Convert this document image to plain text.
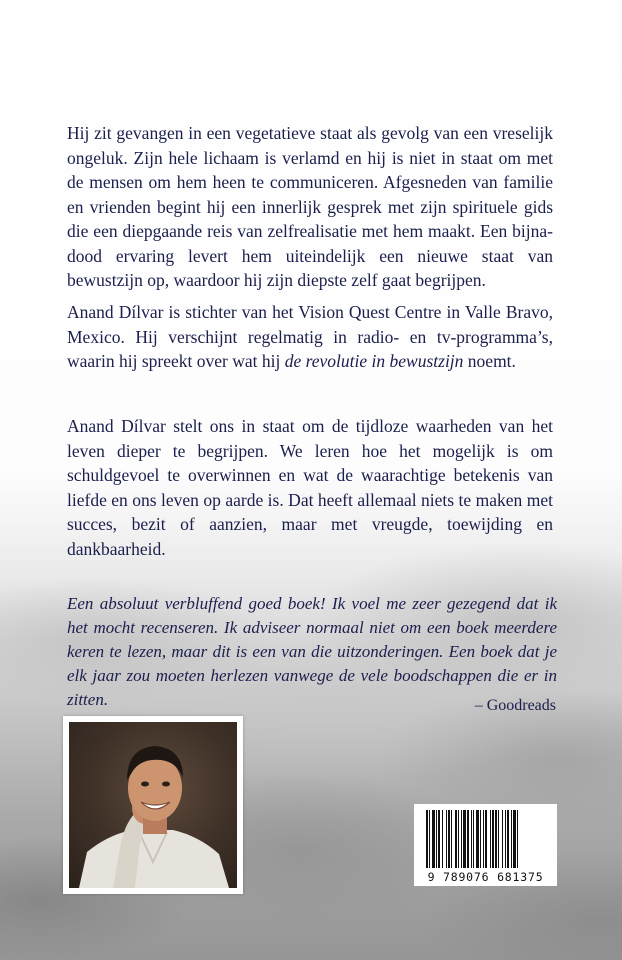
Hij zit gevangen in een vegetatieve staat als gevolg van een vreselijk ongeluk. Zijn hele lichaam is verlamd en hij is niet in staat om met de mensen om hem heen te communiceren. Afgesneden van familie en vrienden begint hij een innerlijk gesprek met zijn spirituele gids die een diepgaande reis van zelfrealisatie met hem maakt. Een bijna-dood ervaring levert hem uiteindelijk een nieuwe staat van bewustzijn op, waardoor hij zijn diepste zelf gaat begrijpen.

Anand Dílvar is stichter van het Vision Quest Centre in Valle Bravo, Mexico. Hij verschijnt regelmatig in radio- en tv-programma’s, waarin hij spreekt over wat hij de revolutie in bewustzijn noemt.

Anand Dílvar stelt ons in staat om de tijdloze waarheden van het leven dieper te begrijpen. We leren hoe het mogelijk is om schuldgevoel te overwinnen en wat de waarachtige betekenis van liefde en ons leven op aarde is. Dat heeft allemaal niets te maken met succes, bezit of aanzien, maar met vreugde, toewijding en dankbaarheid.

Een absoluut verbluffend goed boek! Ik voel me zeer gezegend dat ik het mocht recenseren. Ik adviseer normaal niet om een boek meerdere keren te lezen, maar dit is een van die uitzonderingen. Een boek dat je elk jaar zou moeten herlezen vanwege de vele boodschappen die er in zitten.	– Goodreads
9 789076 681375
